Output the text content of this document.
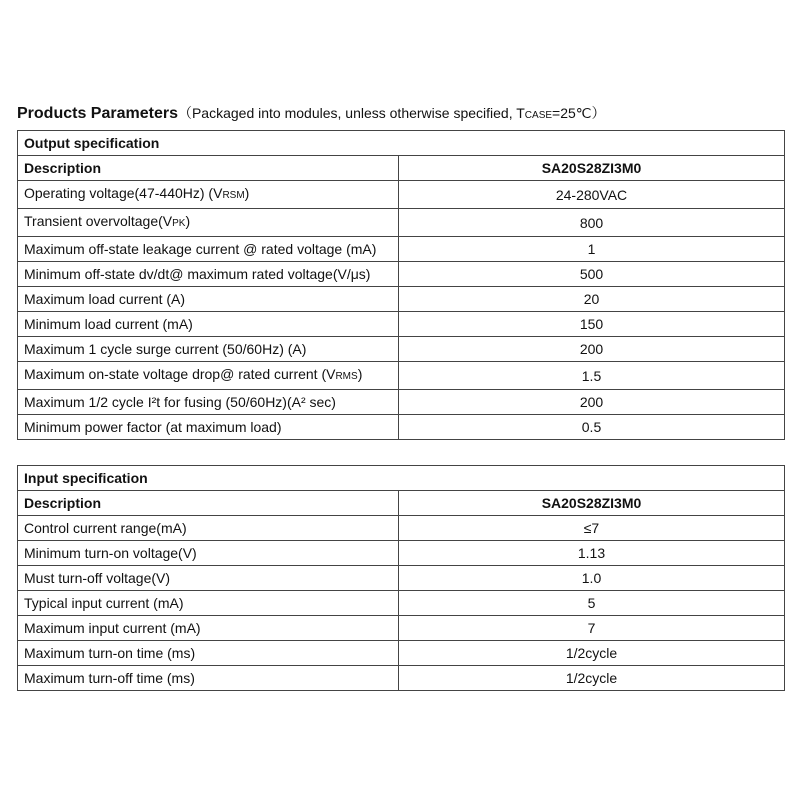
Products Parameters（Packaged into modules, unless otherwise specified, TCASE=25℃）
Output specification	
Description	SA20S28ZI3M0
Operating voltage(47-440Hz) (VRSM)	24-280VAC
Transient overvoltage(VPK)	800
Maximum off-state leakage current @ rated voltage (mA)	1
Minimum off-state dv/dt@ maximum rated voltage(V/μs)	500
Maximum load current (A)	20
Minimum load current (mA)	150
Maximum 1 cycle surge current (50/60Hz) (A)	200
Maximum on-state voltage drop@ rated current (VRMS)	1.5
Maximum 1/2 cycle I²t for fusing (50/60Hz)(A² sec)	200
Minimum power factor (at maximum load)	0.5
Input specification	
Description	SA20S28ZI3M0
Control current range(mA)	≤7
Minimum turn-on voltage(V)	1.13
Must turn-off voltage(V)	1.0
Typical input current (mA)	5
Maximum input current (mA)	7
Maximum turn-on time (ms)	1/2cycle
Maximum turn-off time (ms)	1/2cycle
